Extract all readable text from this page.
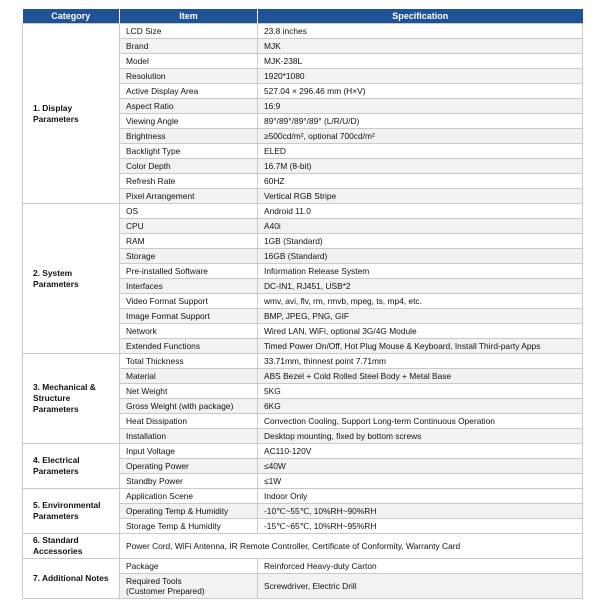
Category	Item	Specification

1. Display
Parameters	LCD Size	23.8 inches

	Brand	MJK

	Model	MJK-238L

	Resolution	1920*1080

	Active Display Area	527.04 × 296.46 mm (H×V)

	Aspect Ratio	16:9

	Viewing Angle	89°/89°/89°/89° (L/R/U/D)

	Brightness	≥500cd/m², optional 700cd/m²

	Backlight Type	ELED

	Color Depth	16.7M (8-bit)

	Refresh Rate	60HZ

	Pixel Arrangement	Vertical RGB Stripe

2. System
Parameters	OS	Android 11.0

	CPU	A40i

	RAM	1GB (Standard)

	Storage	16GB (Standard)

	Pre-installed Software	Information Release System

	Interfaces	DC-IN1, RJ451, USB*2

	Video Format Support	wmv, avi, flv, rm, rmvb, mpeg, ts, mp4, etc.

	Image Format Support	BMP, JPEG, PNG, GIF

	Network	Wired LAN, WiFi, optional 3G/4G Module

	Extended Functions	Timed Power On/Off, Hot Plug Mouse & Keyboard, Install Third-party Apps

3. Mechanical &
Structure
Parameters	Total Thickness	33.71mm, thinnest point 7.71mm

	Material	ABS Bezel + Cold Rolled Steel Body + Metal Base

	Net Weight	5KG

	Gross Weight (with package)	6KG

	Heat Dissipation	Convection Cooling, Support Long-term Continuous Operation

	Installation	Desktop mounting, fixed by bottom screws

4. Electrical
Parameters	Input Voltage	AC110-120V

	Operating Power	≤40W

	Standby Power	≤1W

5. Environmental
Parameters	Application Scene	Indoor Only

	Operating Temp & Humidity	-10℃~55℃, 10%RH~90%RH

	Storage Temp & Humidity	-15℃~65℃, 10%RH~95%RH

6. Standard
Accessories	Power Cord, WiFi Antenna, IR Remote Controller, Certificate of Conformity, Warranty Card	

7. Additional Notes	Package	Reinforced Heavy-duty Carton

	Required Tools
(Customer Prepared)	Screwdriver, Electric Drill
